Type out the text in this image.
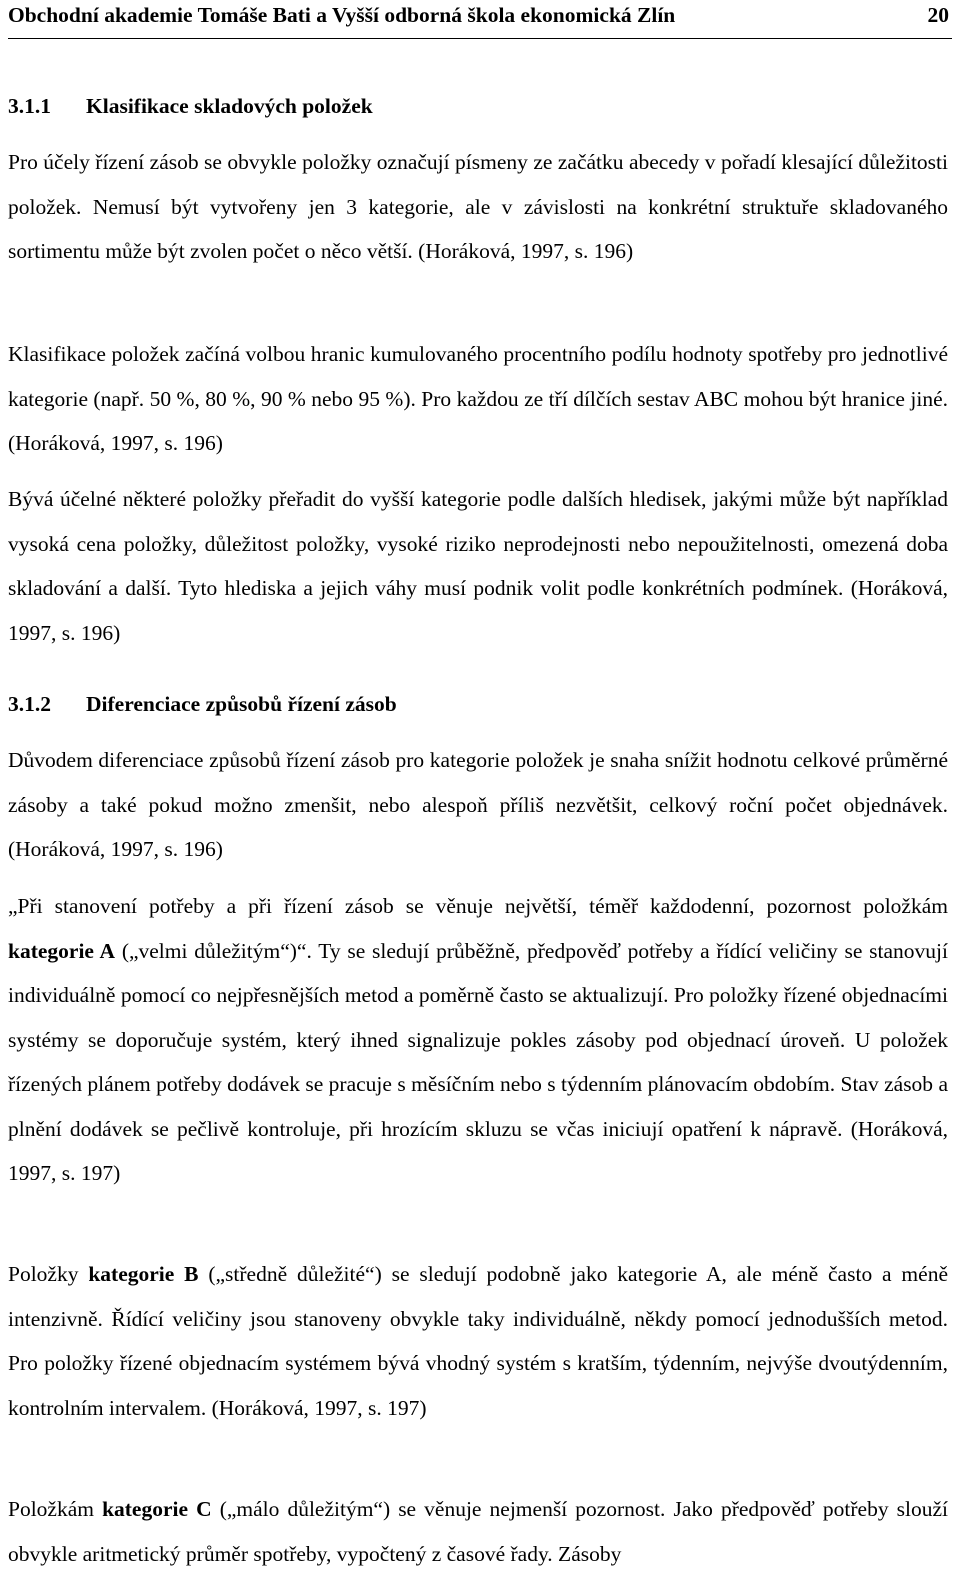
Obchodní akademie Tomáše Bati a Vyšší odborná škola ekonomická Zlín	20
3.1.1 Klasifikace skladových položek

Pro účely řízení zásob se obvykle položky označují písmeny ze začátku abecedy v pořadí klesající důležitosti položek. Nemusí být vytvořeny jen 3 kategorie, ale v závislosti na konkrétní struktuře skladovaného sortimentu může být zvolen počet o něco větší. (Horáková, 1997, s. 196)

Klasifikace položek začíná volbou hranic kumulovaného procentního podílu hodnoty spotřeby pro jednotlivé kategorie (např. 50 %, 80 %, 90 % nebo 95 %). Pro každou ze tří dílčích sestav ABC mohou být hranice jiné. (Horáková, 1997, s. 196)

Bývá účelné některé položky přeřadit do vyšší kategorie podle dalších hledisek, jakými může být například vysoká cena položky, důležitost položky, vysoké riziko neprodejnosti nebo nepoužitelnosti, omezená doba skladování a další. Tyto hlediska a jejich váhy musí podnik volit podle konkrétních podmínek. (Horáková, 1997, s. 196)

3.1.2 Diferenciace způsobů řízení zásob

Důvodem diferenciace způsobů řízení zásob pro kategorie položek je snaha snížit hodnotu celkové průměrné zásoby a také pokud možno zmenšit, nebo alespoň příliš nezvětšit, celkový roční počet objednávek. (Horáková, 1997, s. 196)

„Při stanovení potřeby a při řízení zásob se věnuje největší, téměř každodenní, pozornost položkám kategorie A („velmi důležitým“)“. Ty se sledují průběžně, předpověď potřeby a řídící veličiny se stanovují individuálně pomocí co nejpřesnějších metod a poměrně často se aktualizují. Pro položky řízené objednacími systémy se doporučuje systém, který ihned signalizuje pokles zásoby pod objednací úroveň. U položek řízených plánem potřeby dodávek se pracuje s měsíčním nebo s týdenním plánovacím obdobím. Stav zásob a plnění dodávek se pečlivě kontroluje, při hrozícím skluzu se včas iniciují opatření k nápravě. (Horáková, 1997, s. 197)

Položky kategorie B („středně důležité“) se sledují podobně jako kategorie A, ale méně často a méně intenzivně. Řídící veličiny jsou stanoveny obvykle taky individuálně, někdy pomocí jednodušších metod. Pro položky řízené objednacím systémem bývá vhodný systém s kratším, týdenním, nejvýše dvoutýdenním, kontrolním intervalem. (Horáková, 1997, s. 197)

Položkám kategorie C („málo důležitým“) se věnuje nejmenší pozornost. Jako předpověď potřeby slouží obvykle aritmetický průměr spotřeby, vypočtený z časové řady. Zásoby
